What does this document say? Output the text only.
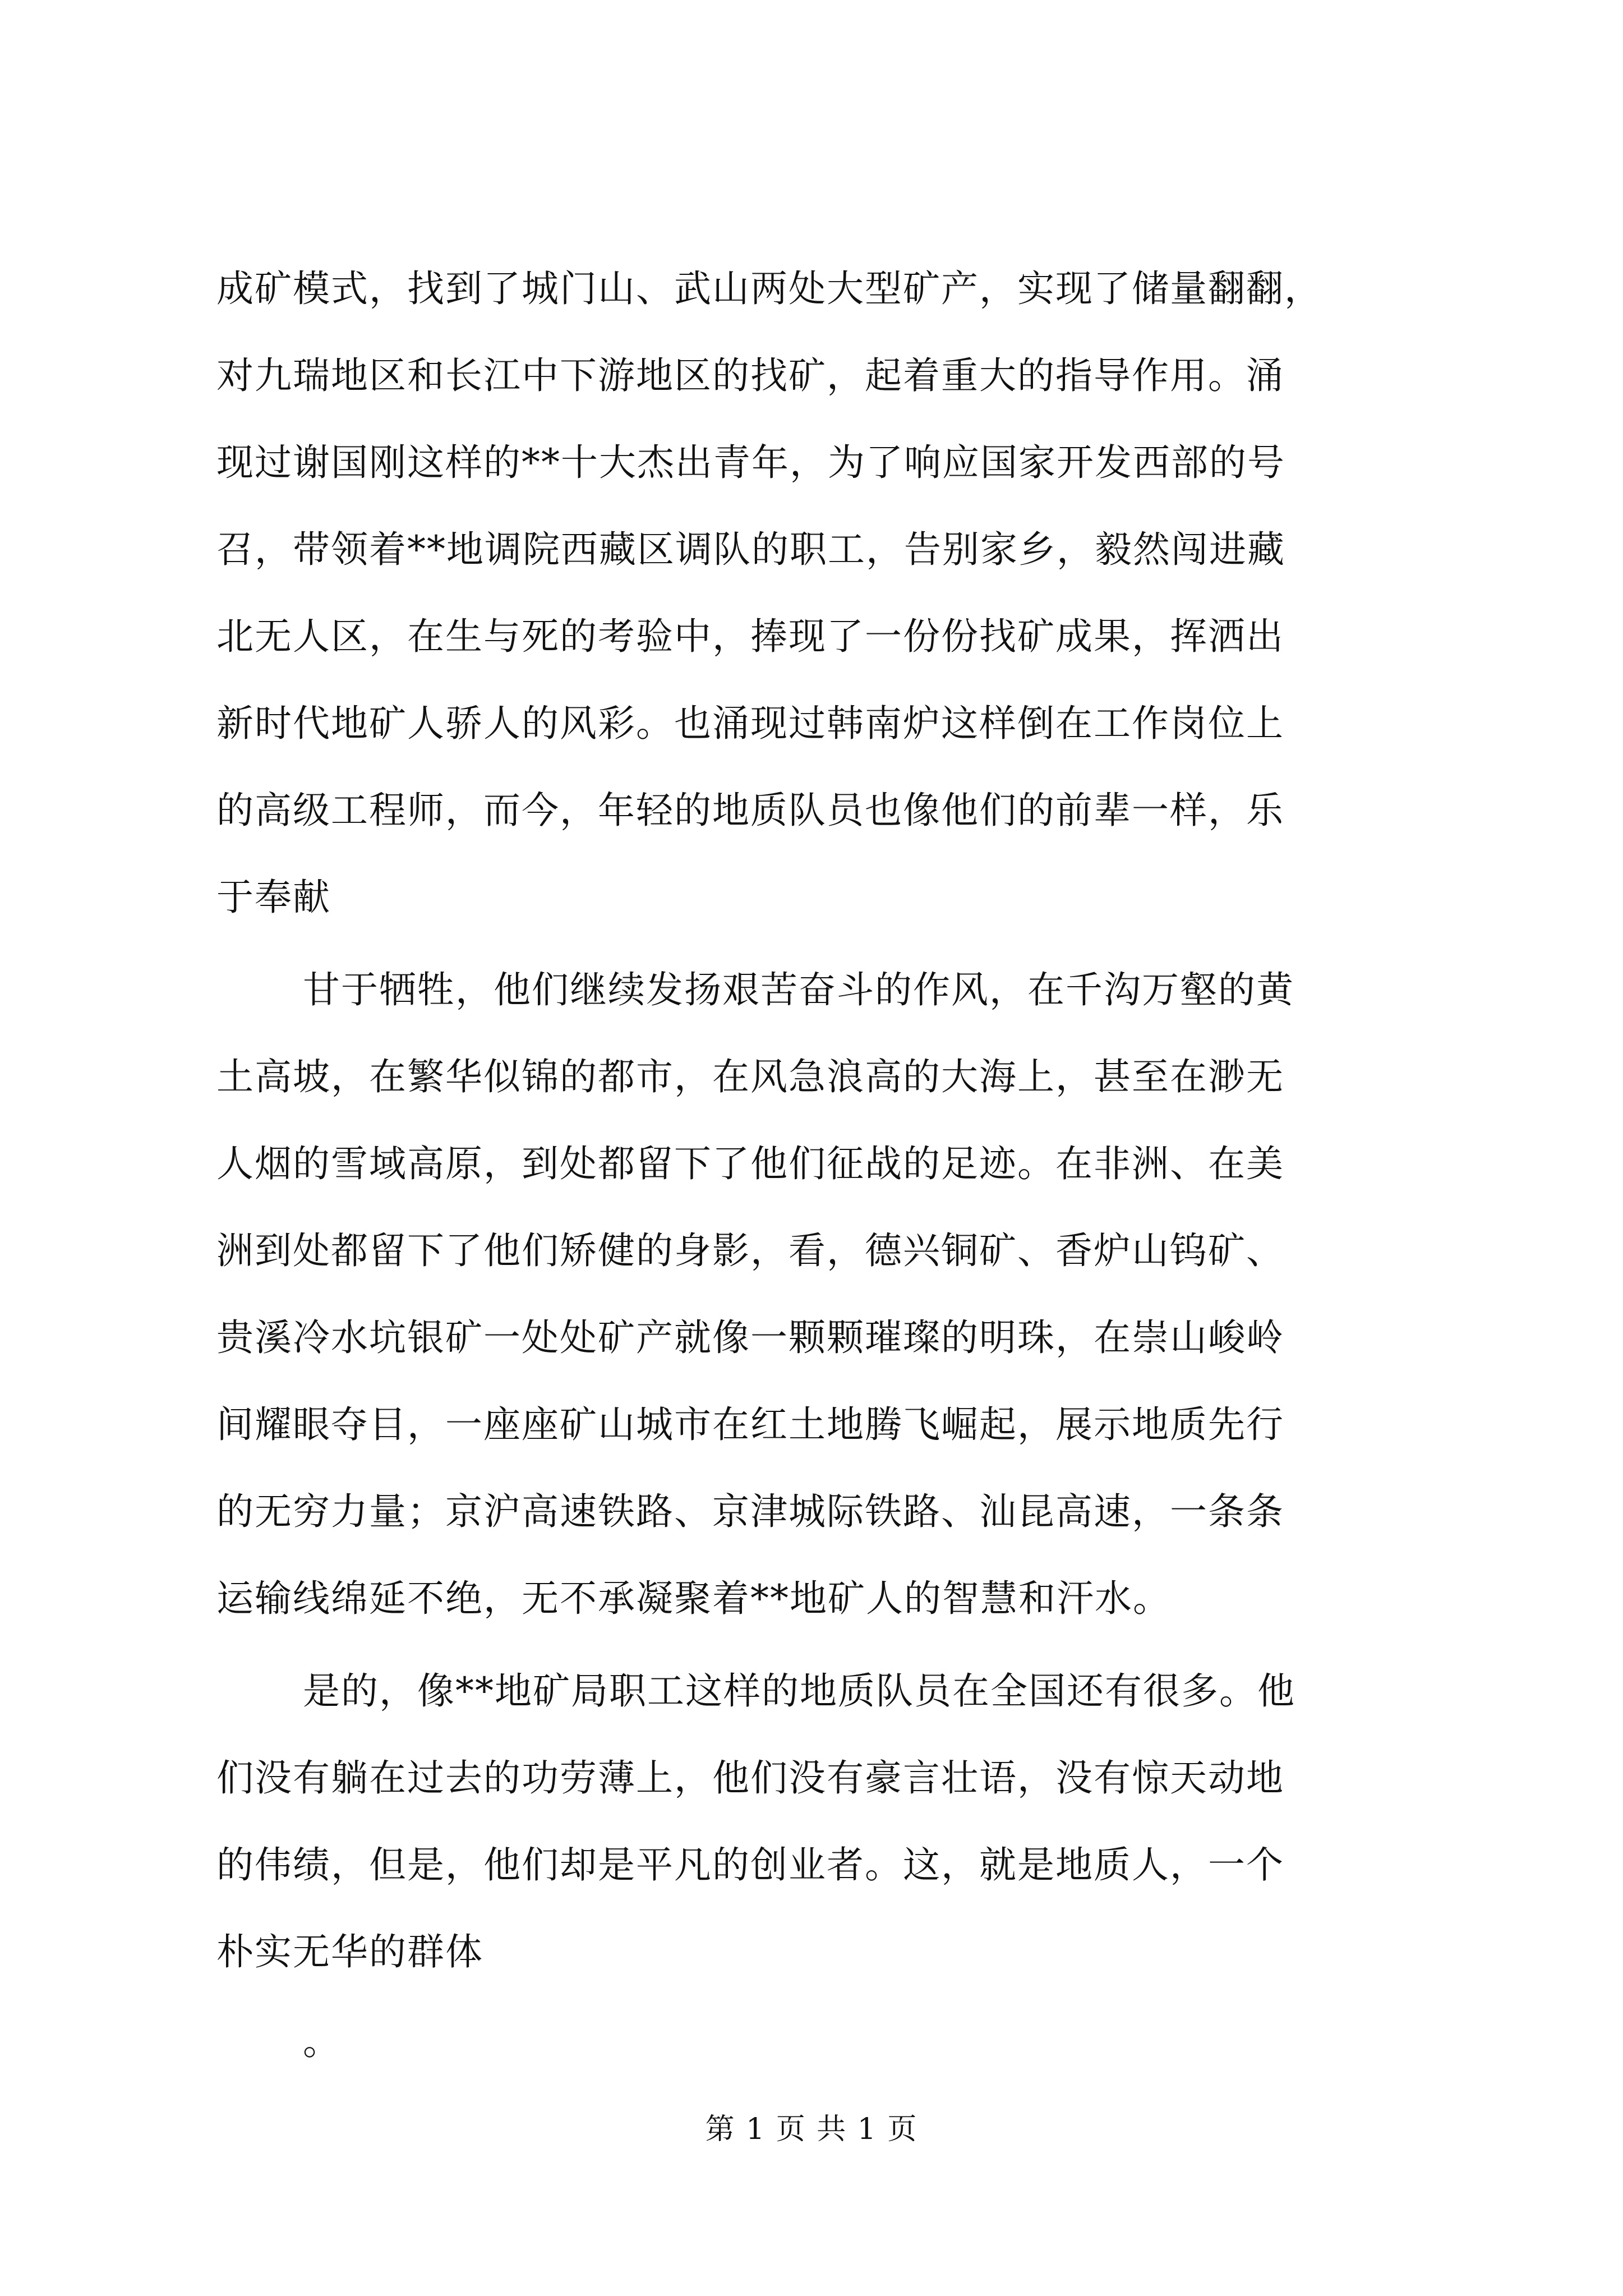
成矿模式，找到了城门山、武山两处大型矿产，实现了储量翻翻，
对九瑞地区和长江中下游地区的找矿，起着重大的指导作用。涌
现过谢国刚这样的**十大杰出青年，为了响应国家开发西部的号
召，带领着**地调院西藏区调队的职工，告别家乡，毅然闯进藏
北无人区，在生与死的考验中，捧现了一份份找矿成果，挥洒出
新时代地矿人骄人的风彩。也涌现过韩南炉这样倒在工作岗位上
的高级工程师，而今，年轻的地质队员也像他们的前辈一样，乐
于奉献
甘于牺牲，他们继续发扬艰苦奋斗的作风，在千沟万壑的黄
土高坡，在繁华似锦的都市，在风急浪高的大海上，甚至在渺无
人烟的雪域高原，到处都留下了他们征战的足迹。在非洲、在美
洲到处都留下了他们矫健的身影，看，德兴铜矿、香炉山钨矿、
贵溪冷水坑银矿一处处矿产就像一颗颗璀璨的明珠，在崇山峻岭
间耀眼夺目，一座座矿山城市在红土地腾飞崛起，展示地质先行
的无穷力量；京沪高速铁路、京津城际铁路、汕昆高速，一条条
运输线绵延不绝，无不承凝聚着**地矿人的智慧和汗水。
是的，像**地矿局职工这样的地质队员在全国还有很多。他
们没有躺在过去的功劳薄上，他们没有豪言壮语，没有惊天动地
的伟绩，但是，他们却是平凡的创业者。这，就是地质人，一个
朴实无华的群体
。
第 1 页 共 1 页
